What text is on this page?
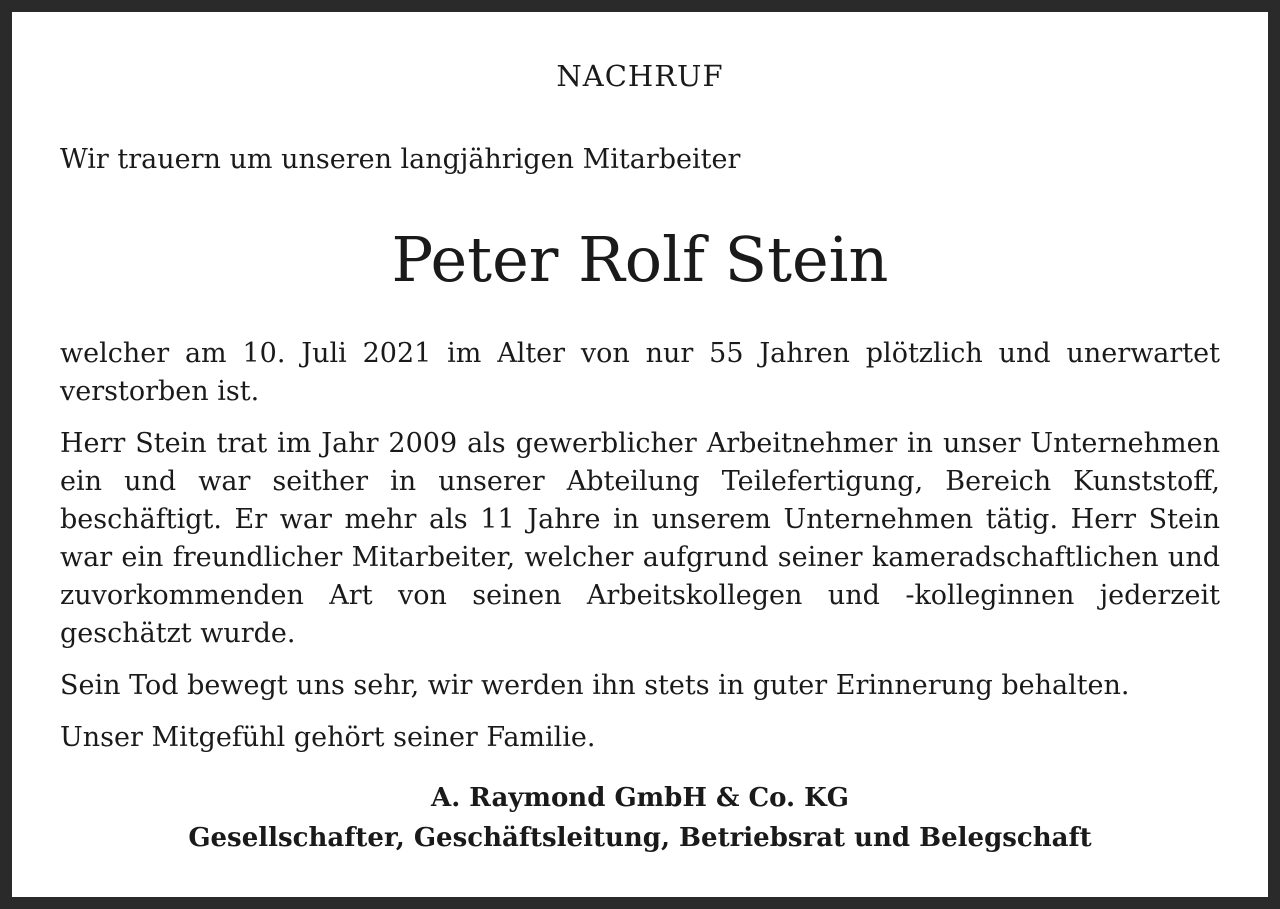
NACHRUF
Wir trauern um unseren langjährigen Mitarbeiter
Peter Rolf Stein

welcher am 10. Juli 2021 im Alter von nur 55 Jahren plötzlich und unerwartet verstorben ist.

Herr Stein trat im Jahr 2009 als gewerblicher Arbeitnehmer in unser Unternehmen ein und war seither in unserer Abteilung Teilefertigung, Bereich Kunststoff, beschäftigt. Er war mehr als 11 Jahre in unserem Unternehmen tätig. Herr Stein war ein freundlicher Mitarbeiter, welcher aufgrund seiner kameradschaftlichen und zuvorkommenden Art von seinen Arbeitskollegen und -kolleginnen jederzeit geschätzt wurde.

Sein Tod bewegt uns sehr, wir werden ihn stets in guter Erinnerung behalten.

Unser Mitgefühl gehört seiner Familie.

A. Raymond GmbH & Co. KG
Gesellschafter, Geschäftsleitung, Betriebsrat und Belegschaft
